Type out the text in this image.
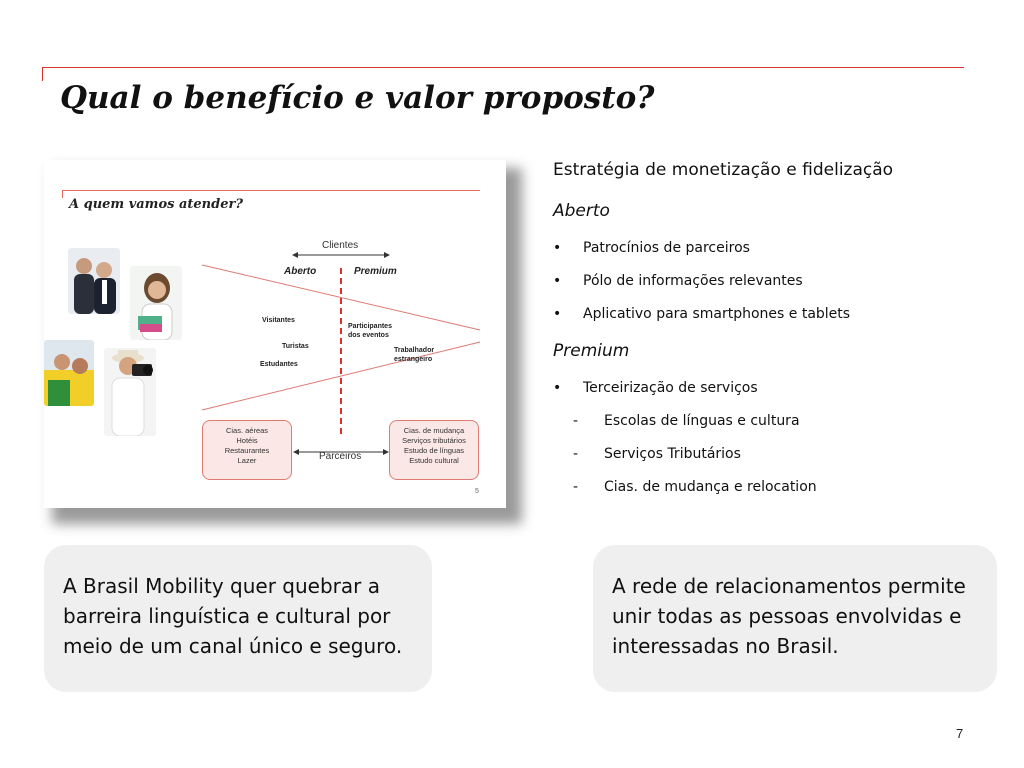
Qual o benefício e valor proposto?
A quem vamos atender?
Clientes
Aberto	Premium
Visitantes
Turistas
Estudantes
Participantes
dos eventos
Trabalhador
estrangeiro
Cias. aéreas
Hotéis
Restaurantes
Lazer	Parceiros
Cias. de mudança
Serviços tributários
Estudo de línguas
Estudo cultural
5
Estratégia de monetização e fidelização
Aberto
• Patrocínios de parceiros
• Pólo de informações relevantes
• Aplicativo para smartphones e tablets
Premium
• Terceirização de serviços
- Escolas de línguas e cultura
- Serviços Tributários
- Cias. de mudança e relocation
A Brasil Mobility quer quebrar a barreira linguística e cultural por meio de um canal único e seguro.
A rede de relacionamentos permite unir todas as pessoas envolvidas e interessadas no Brasil.
7
